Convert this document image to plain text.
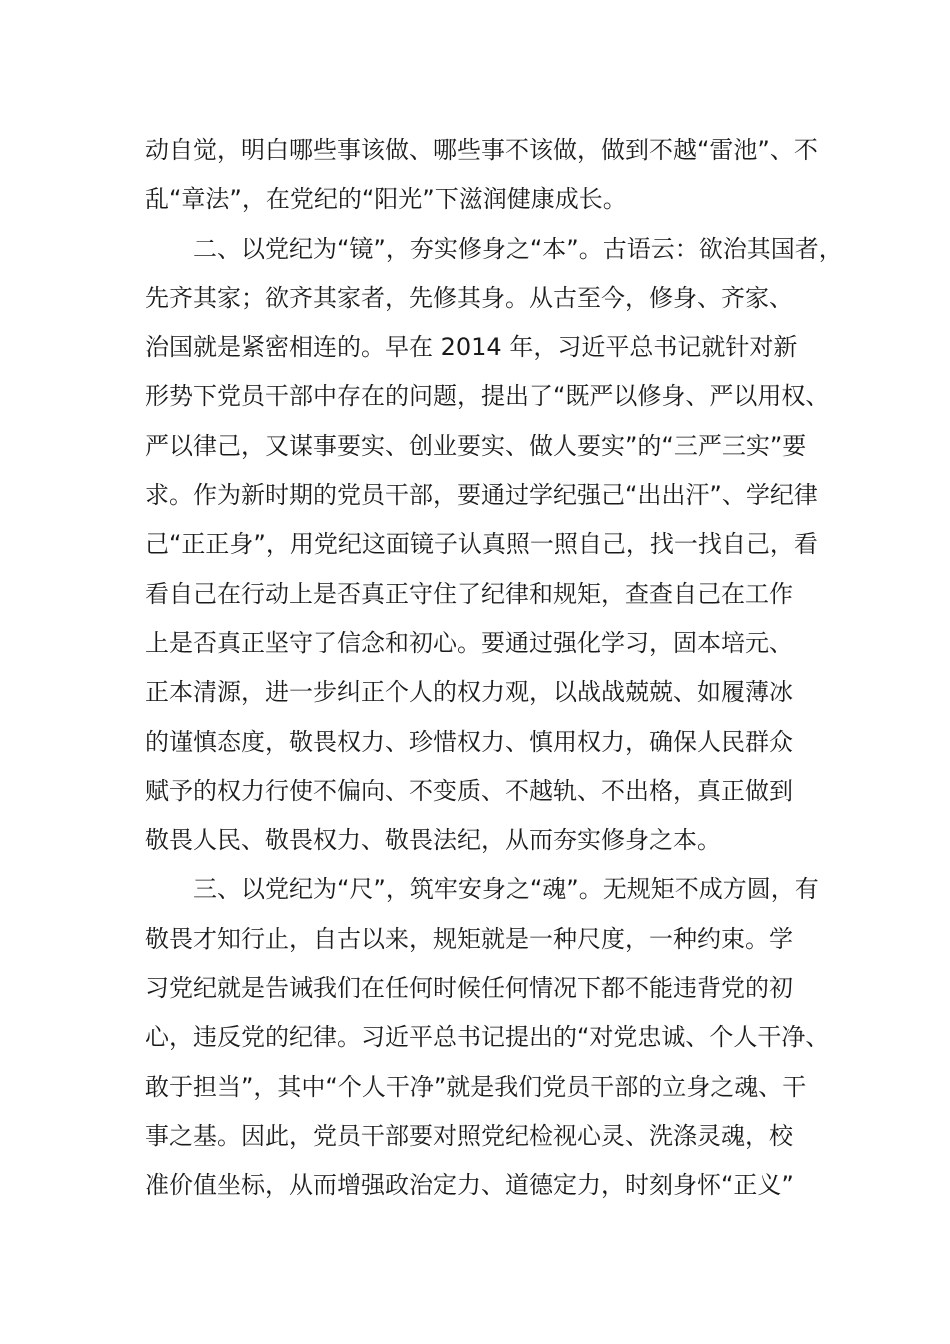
动自觉，明白哪些事该做、哪些事不该做，做到不越“雷池”、不
乱“章法”，在党纪的“阳光”下滋润健康成长。
二、以党纪为“镜”，夯实修身之“本”。古语云：欲治其国者，
先齐其家；欲齐其家者，先修其身。从古至今，修身、齐家、
治国就是紧密相连的。早在 2014 年，习近平总书记就针对新
形势下党员干部中存在的问题，提出了“既严以修身、严以用权、
严以律己，又谋事要实、创业要实、做人要实”的“三严三实”要
求。作为新时期的党员干部，要通过学纪强己“出出汗”、学纪律
己“正正身”，用党纪这面镜子认真照一照自己，找一找自己，看
看自己在行动上是否真正守住了纪律和规矩，查查自己在工作
上是否真正坚守了信念和初心。要通过强化学习，固本培元、
正本清源，进一步纠正个人的权力观，以战战兢兢、如履薄冰
的谨慎态度，敬畏权力、珍惜权力、慎用权力，确保人民群众
赋予的权力行使不偏向、不变质、不越轨、不出格，真正做到
敬畏人民、敬畏权力、敬畏法纪，从而夯实修身之本。
三、以党纪为“尺”，筑牢安身之“魂”。无规矩不成方圆，有
敬畏才知行止，自古以来，规矩就是一种尺度，一种约束。学
习党纪就是告诫我们在任何时候任何情况下都不能违背党的初
心，违反党的纪律。习近平总书记提出的“对党忠诚、个人干净、
敢于担当”，其中“个人干净”就是我们党员干部的立身之魂、干
事之基。因此，党员干部要对照党纪检视心灵、洗涤灵魂，校
准价值坐标，从而增强政治定力、道德定力，时刻身怀“正义”
